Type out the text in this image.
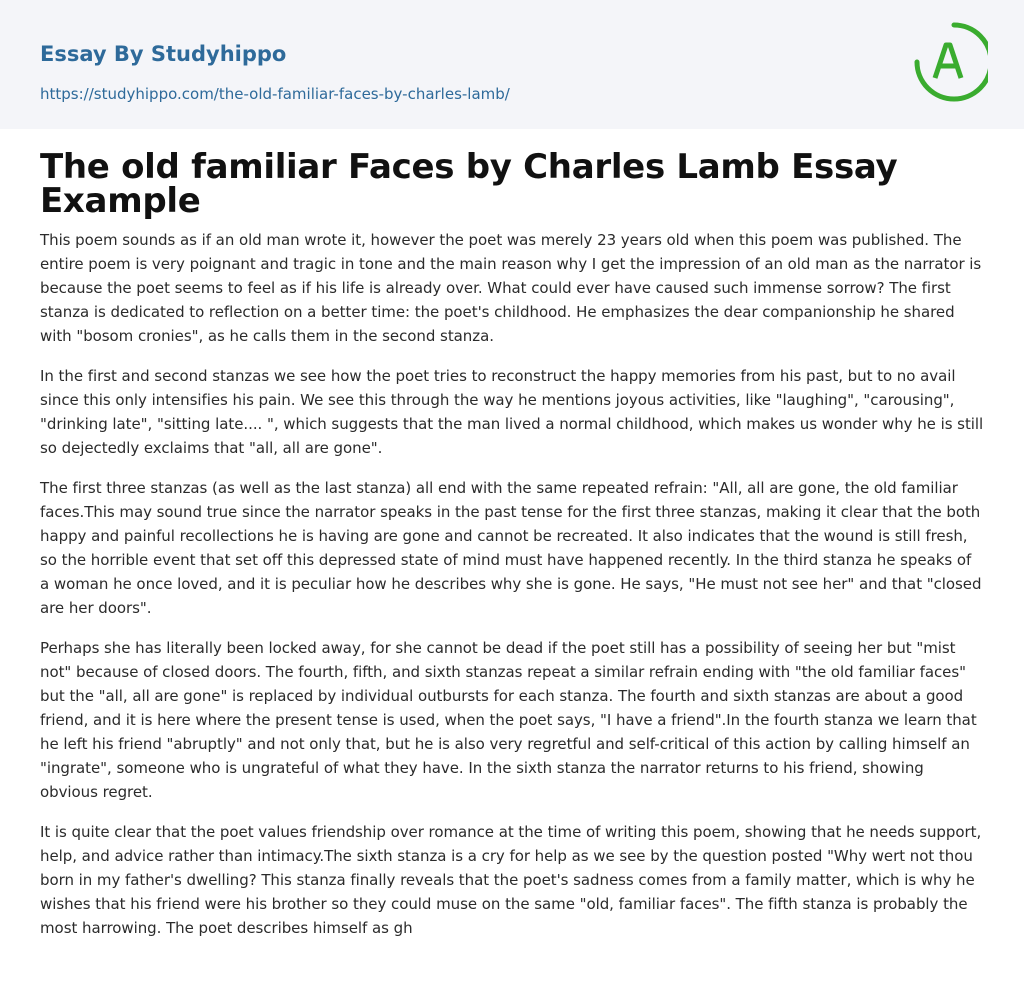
Essay By Studyhippo
https://studyhippo.com/the-old-familiar-faces-by-charles-lamb/
The old familiar Faces by Charles Lamb Essay Example

This poem sounds as if an old man wrote it, however the poet was merely 23 years old when this poem was published. The entire poem is very poignant and tragic in tone and the main reason why I get the impression of an old man as the narrator is because the poet seems to feel as if his life is already over. What could ever have caused such immense sorrow? The first stanza is dedicated to reflection on a better time: the poet's childhood. He emphasizes the dear companionship he shared with "bosom cronies", as he calls them in the second stanza.

In the first and second stanzas we see how the poet tries to reconstruct the happy memories from his past, but to no avail since this only intensifies his pain. We see this through the way he mentions joyous activities, like "laughing", "carousing", "drinking late", "sitting late.... ", which suggests that the man lived a normal childhood, which makes us wonder why he is still so dejectedly exclaims that "all, all are gone".

The first three stanzas (as well as the last stanza) all end with the same repeated refrain: "All, all are gone, the old familiar faces.This may sound true since the narrator speaks in the past tense for the first three stanzas, making it clear that the both happy and painful recollections he is having are gone and cannot be recreated. It also indicates that the wound is still fresh, so the horrible event that set off this depressed state of mind must have happened recently. In the third stanza he speaks of a woman he once loved, and it is peculiar how he describes why she is gone. He says, "He must not see her" and that "closed are her doors".

Perhaps she has literally been locked away, for she cannot be dead if the poet still has a possibility of seeing her but "mist not" because of closed doors. The fourth, fifth, and sixth stanzas repeat a similar refrain ending with "the old familiar faces" but the "all, all are gone" is replaced by individual outbursts for each stanza. The fourth and sixth stanzas are about a good friend, and it is here where the present tense is used, when the poet says, "I have a friend".In the fourth stanza we learn that he left his friend "abruptly" and not only that, but he is also very regretful and self-critical of this action by calling himself an "ingrate", someone who is ungrateful of what they have. In the sixth stanza the narrator returns to his friend, showing obvious regret.

It is quite clear that the poet values friendship over romance at the time of writing this poem, showing that he needs support, help, and advice rather than intimacy.The sixth stanza is a cry for help as we see by the question posted "Why wert not thou born in my father's dwelling? This stanza finally reveals that the poet's sadness comes from a family matter, which is why he wishes that his friend were his brother so they could muse on the same "old, familiar faces". The fifth stanza is probably the most harrowing. The poet describes himself as gh
